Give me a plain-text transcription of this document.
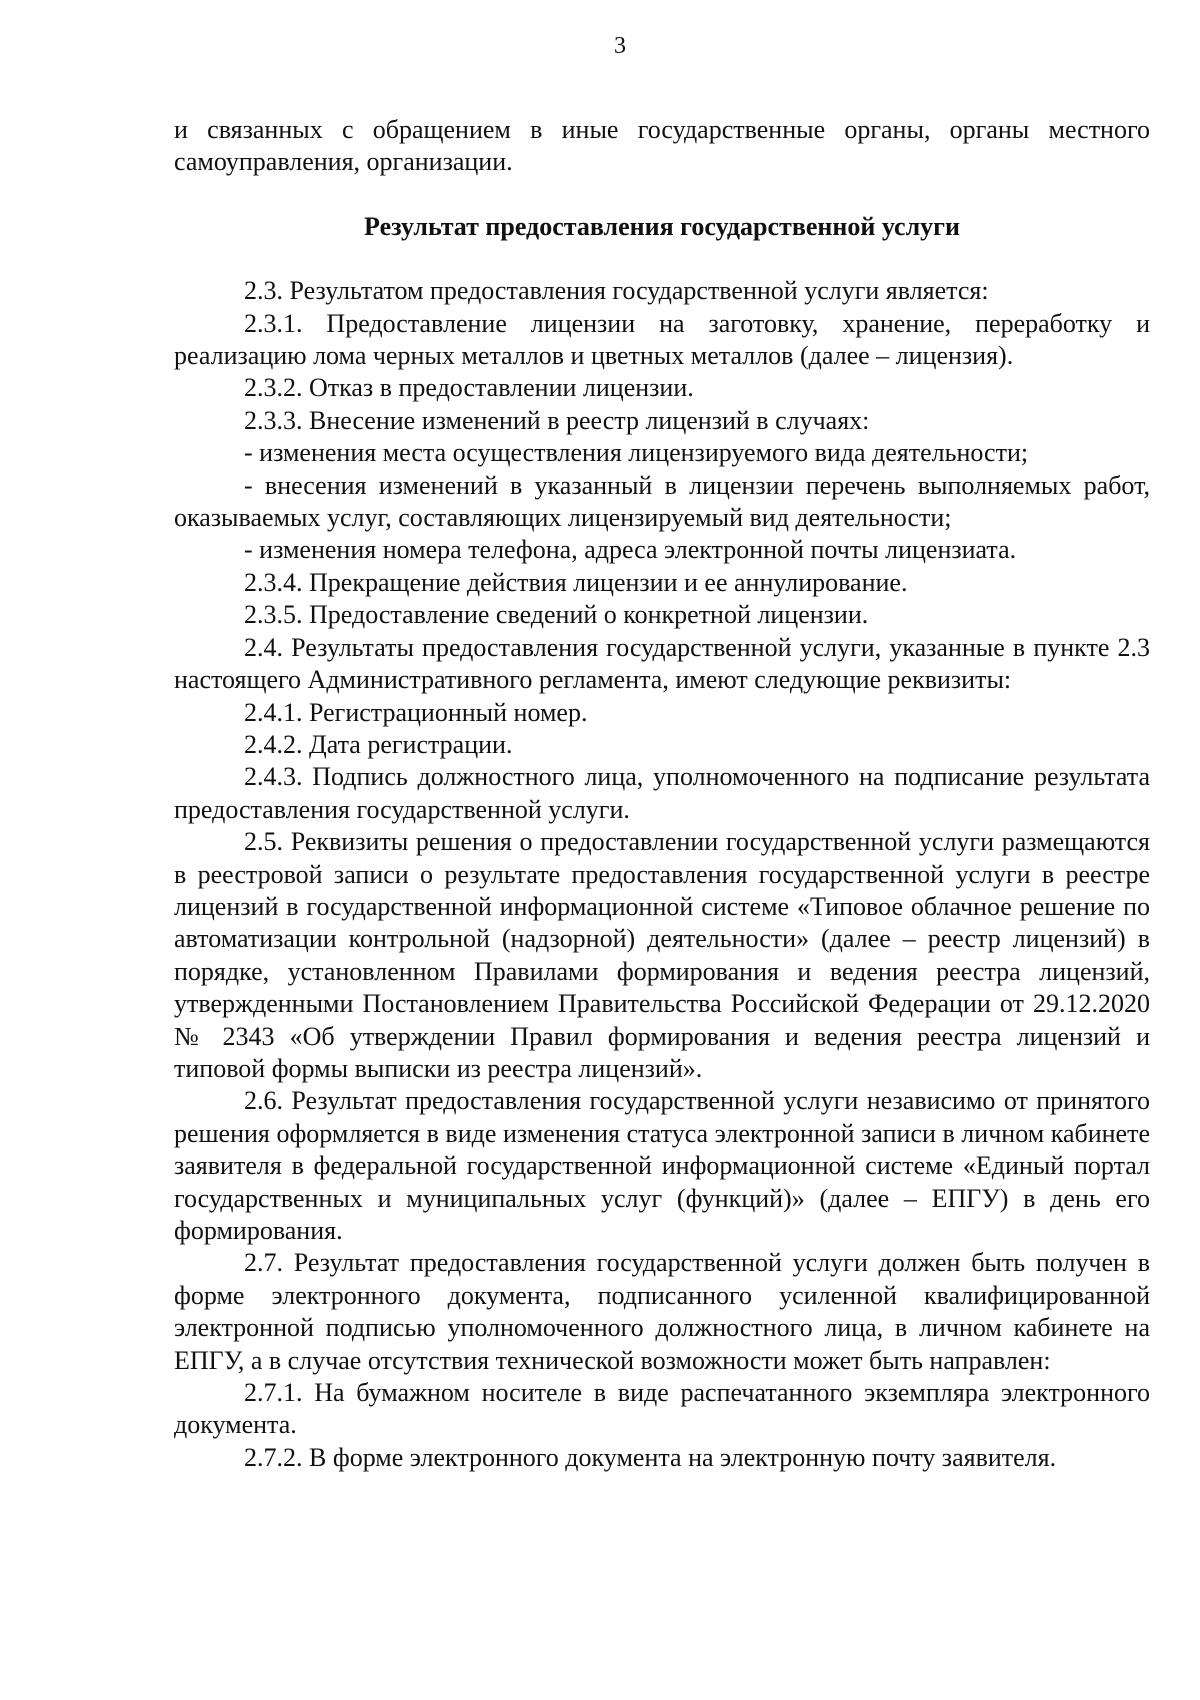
3

и связанных с обращением в иные государственные органы, органы местного самоуправления, организации.

Результат предоставления государственной услуги

2.3. Результатом предоставления государственной услуги является:

2.3.1. Предоставление лицензии на заготовку, хранение, переработку и реализацию лома черных металлов и цветных металлов (далее – лицензия).

2.3.2. Отказ в предоставлении лицензии.

2.3.3. Внесение изменений в реестр лицензий в случаях:

- изменения места осуществления лицензируемого вида деятельности;

- внесения изменений в указанный в лицензии перечень выполняемых работ, оказываемых услуг, составляющих лицензируемый вид деятельности;

- изменения номера телефона, адреса электронной почты лицензиата.

2.3.4. Прекращение действия лицензии и ее аннулирование.

2.3.5. Предоставление сведений о конкретной лицензии.

2.4. Результаты предоставления государственной услуги, указанные в пункте 2.3 настоящего Административного регламента, имеют следующие реквизиты:

2.4.1. Регистрационный номер.

2.4.2. Дата регистрации.

2.4.3. Подпись должностного лица, уполномоченного на подписание результата предоставления государственной услуги.

2.5. Реквизиты решения о предоставлении государственной услуги размещаются в реестровой записи о результате предоставления государственной услуги в реестре лицензий в государственной информационной системе «Типовое облачное решение по автоматизации контрольной (надзорной) деятельности» (далее – реестр лицензий) в порядке, установленном Правилами формирования и ведения реестра лицензий, утвержденными Постановлением Правительства Российской Федерации от 29.12.2020 № 2343 «Об утверждении Правил формирования и ведения реестра лицензий и типовой формы выписки из реестра лицензий».

2.6. Результат предоставления государственной услуги независимо от принятого решения оформляется в виде изменения статуса электронной записи в личном кабинете заявителя в федеральной государственной информационной системе «Единый портал государственных и муниципальных услуг (функций)» (далее – ЕПГУ) в день его формирования.

2.7. Результат предоставления государственной услуги должен быть получен в форме электронного документа, подписанного усиленной квалифицированной электронной подписью уполномоченного должностного лица, в личном кабинете на ЕПГУ, а в случае отсутствия технической возможности может быть направлен:

2.7.1. На бумажном носителе в виде распечатанного экземпляра электронного документа.

2.7.2. В форме электронного документа на электронную почту заявителя.
